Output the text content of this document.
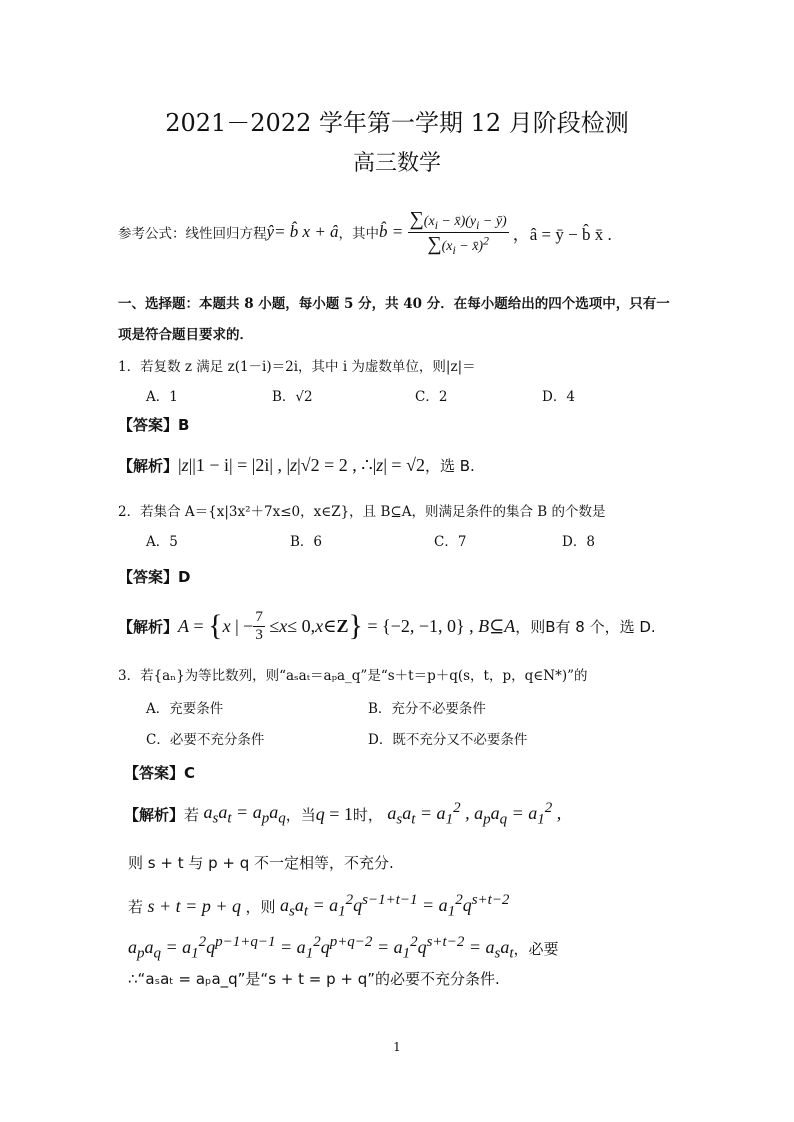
2021－2022 学年第一学期 12 月阶段检测
高三数学
参考公式：线性回归方程 ŷ= b̂ x + â ，其中 b̂ = $\frac{\sum(x_i - x̄)(y_i - ȳ)}{\sum(x_i - x̄)^2}$ ，â = ȳ − b̂ x̄ .
一、选择题：本题共 8 小题，每小题 5 分，共 40 分．在每小题给出的四个选项中，只有一
项是符合题目要求的．
1．若复数 z 满足 z(1－i)＝2i，其中 i 为虚数单位，则|z|＝
A．1	B．√2	C．2	D．4
【答案】B
【解析】 |z||1 − i| = |2i| , |z|√2 = 2 , ∴|z| = √2 ，选 B.
2．若集合 A＝{x|3x²＋7x≤0，x∈Z}，且 B⊆A，则满足条件的集合 B 的个数是
A．5	B．6	C．7	D．8
【答案】D
【解析】 A = { x | − $\frac{7}{3} \le x \le 0$, x ∈ Z } = {−2, −1, 0} , B ⊆ A ，则B有 8 个，选 D.
3．若{aₙ}为等比数列，则“aₛaₜ＝aₚa_q”是“s＋t＝p＋q(s，t，p，q∈N*)”的
A．充要条件	B．充分不必要条件
C．必要不充分条件	D．既不充分又不必要条件
【答案】C
【解析】 若 $a_sa_t = a_pa_q$ ，当 q = 1 时， $a_sa_t = a_1^2$ , $a_pa_q = a_1^2$ ,
则 s + t 与 p + q 不一定相等，不充分.
若 s + t = p + q ，则 $a_sa_t = a_1^2q^{s-1+t-1} = a_1^2q^{s+t-2}$
$a_pa_q = a_1^2q^{p-1+q-1} = a_1^2q^{p+q-2} = a_1^2q^{s+t-2} = a_sa_t$ ，必要
∴“aₛaₜ = aₚa_q”是“s + t = p + q”的必要不充分条件.
1
